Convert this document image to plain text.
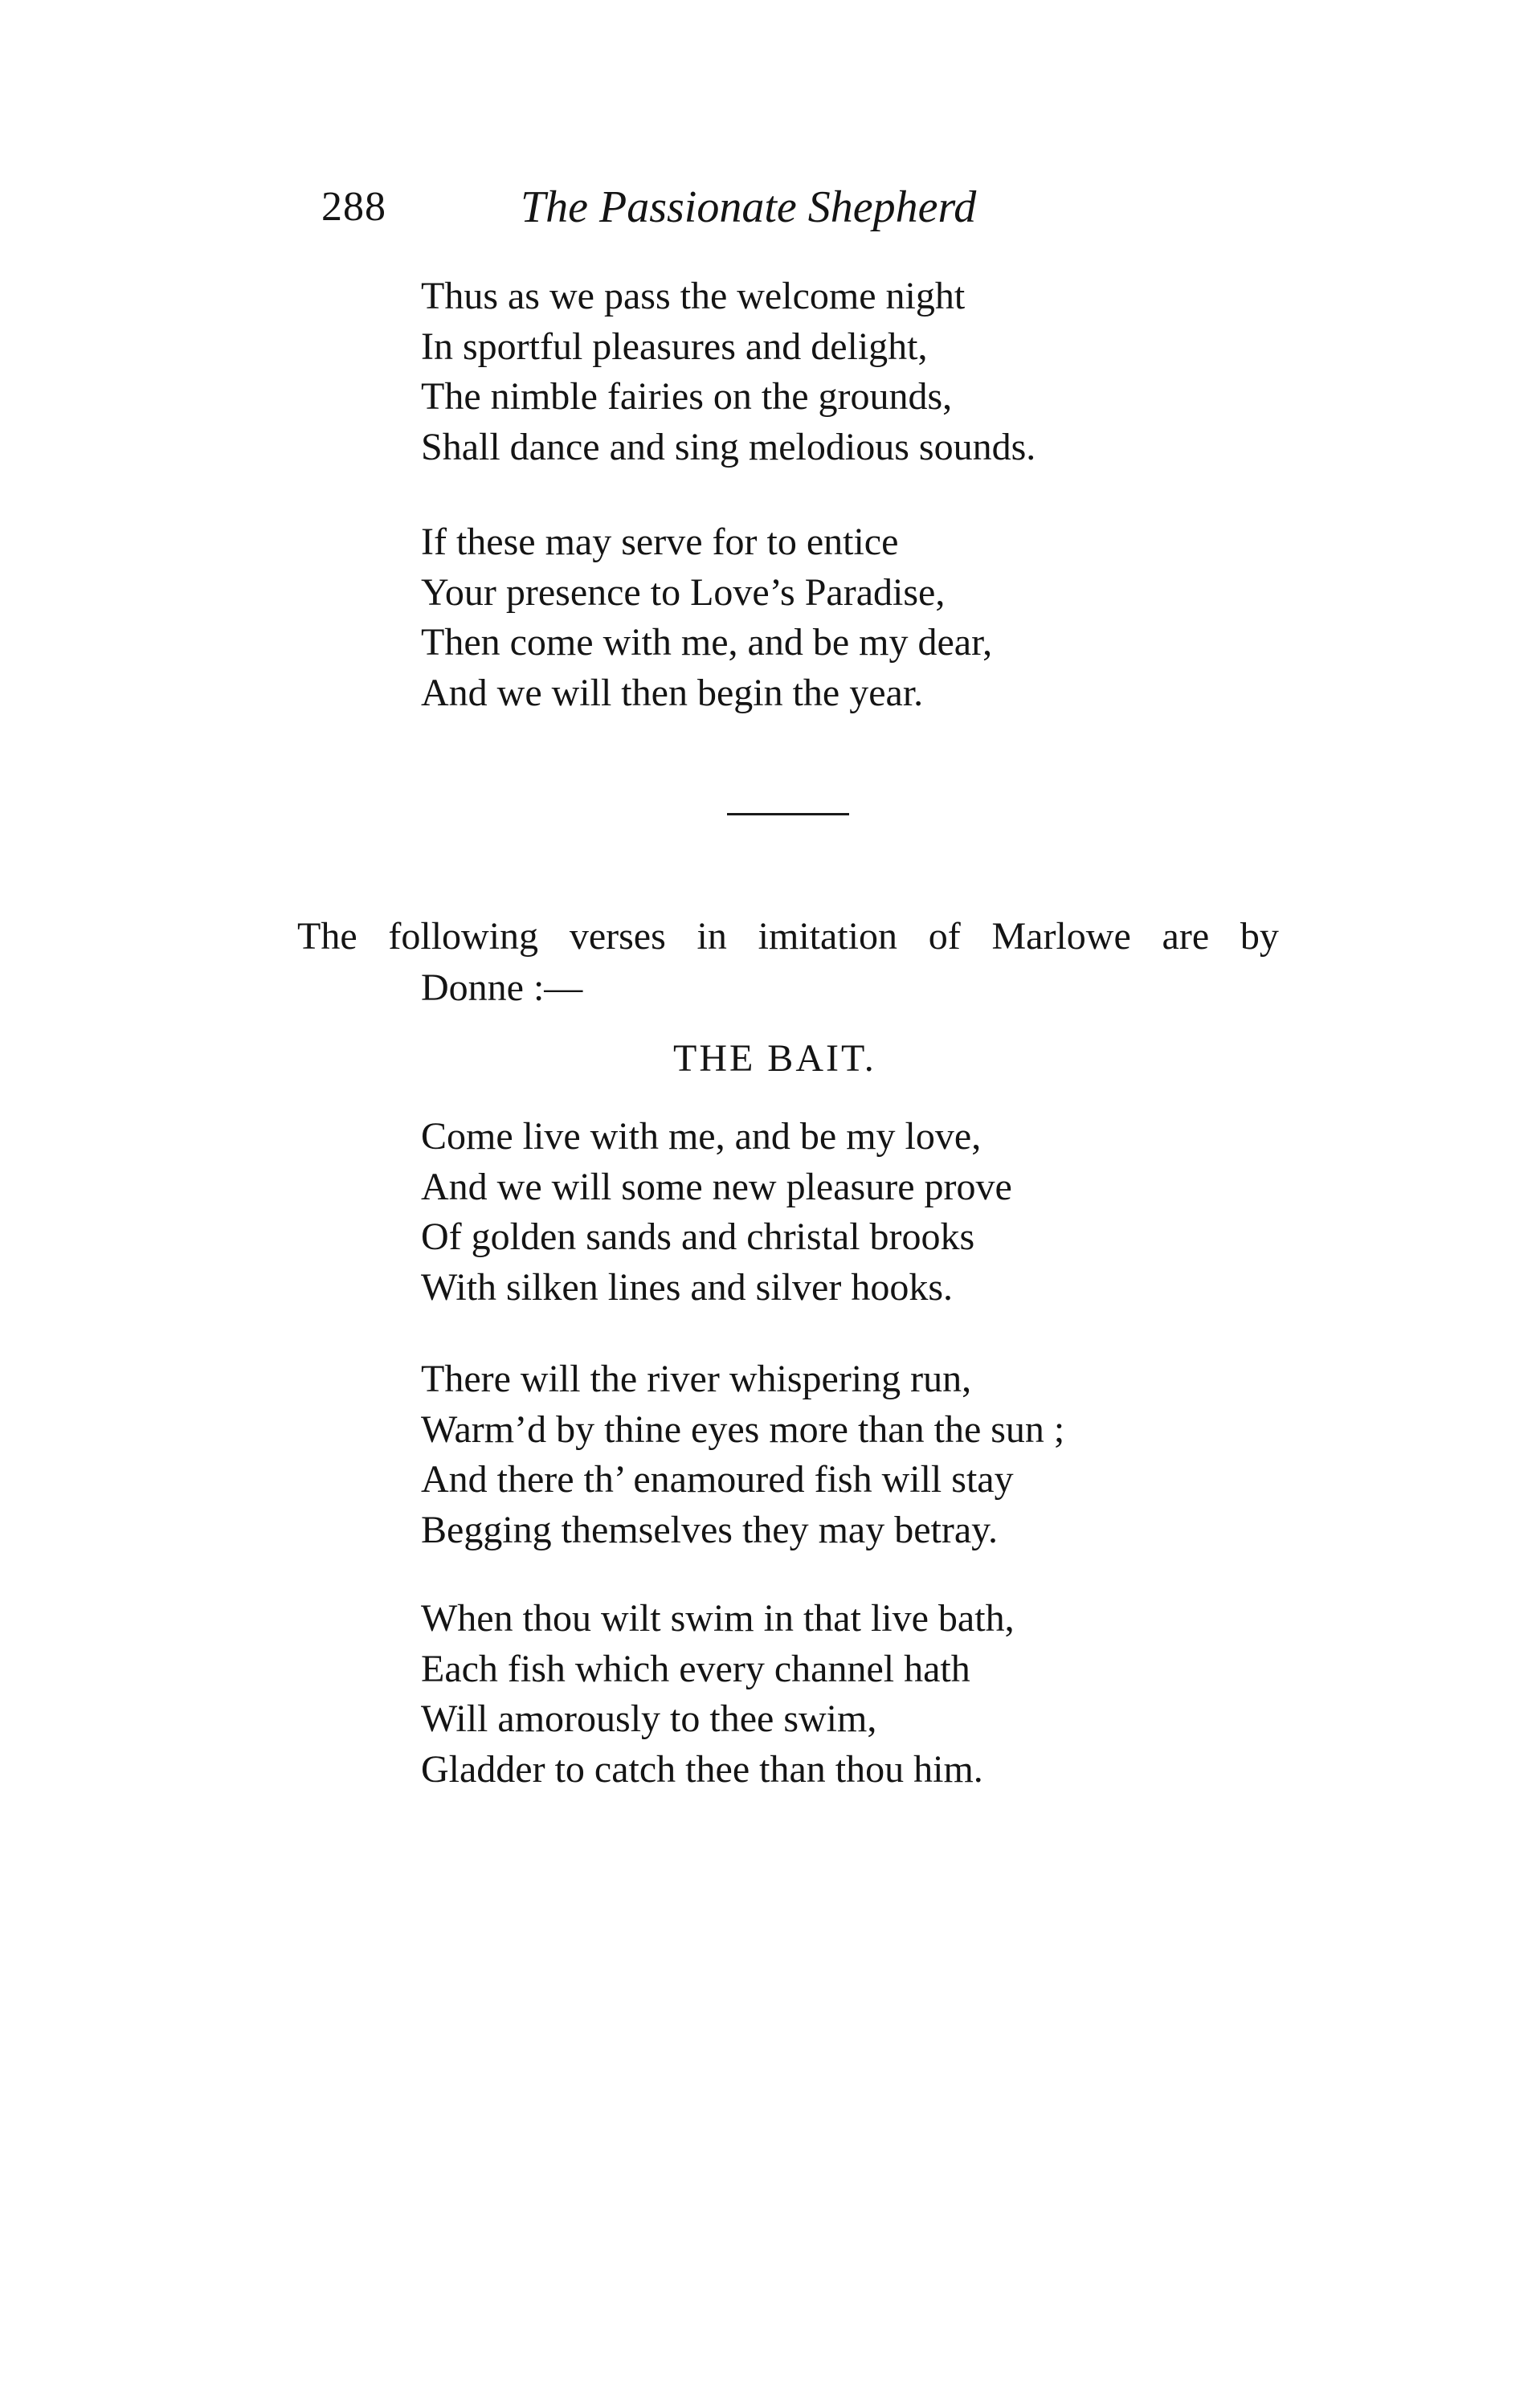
288	The Passionate Shepherd
Thus as we pass the welcome night
In sportful pleasures and delight,
The nimble fairies on the grounds,
Shall dance and sing melodious sounds.
If these may serve for to entice
Your presence to Love’s Paradise,
Then come with me, and be my dear,
And we will then begin the year.
The following verses in imitation of Marlowe are by
Donne :—
THE BAIT.
Come live with me, and be my love,
And we will some new pleasure prove
Of golden sands and christal brooks
With silken lines and silver hooks.
There will the river whispering run,
Warm’d by thine eyes more than the sun ;
And there th’ enamoured fish will stay
Begging themselves they may betray.
When thou wilt swim in that live bath,
Each fish which every channel hath
Will amorously to thee swim,
Gladder to catch thee than thou him.
